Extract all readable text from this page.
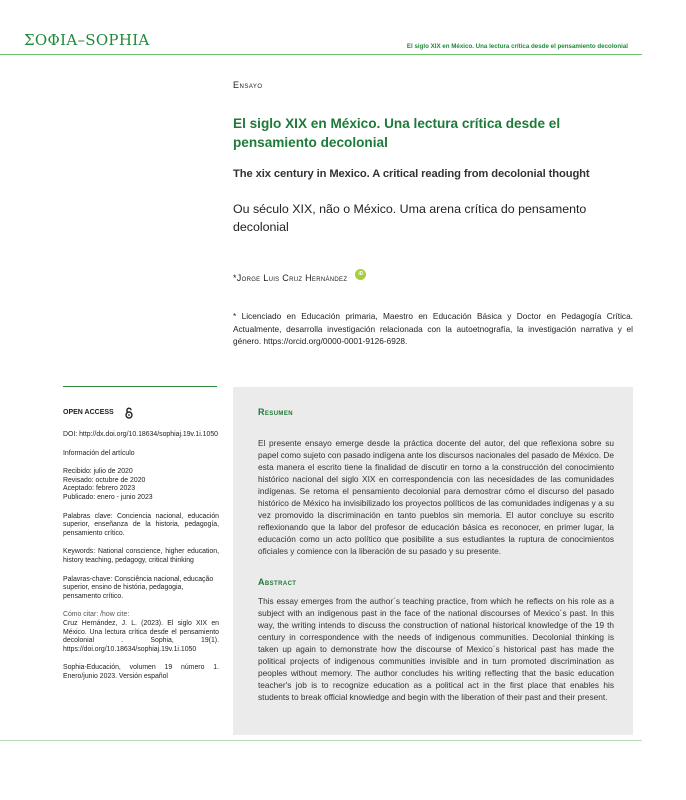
ΣΟΦΙΑ–SOPHIA	El siglo XIX en México. Una lectura crítica desde el pensamiento decolonial
Ensayo
El siglo XIX en México. Una lectura crítica desde el pensamiento decolonial
The xix century in Mexico. A critical reading from decolonial thought
Ou século XIX, não o México. Uma arena crítica do pensamento decolonial
*Jorge Luis Cruz Hernández	iD
* Licenciado en Educación primaria, Maestro en Educación Básica y Doctor en Pedagogía Crítica. Actualmente, desarrolla investigación relacionada con la autoetnografía, la investigación narrativa y el género. https://orcid.org/0000-0001-9126-6928.
OPEN ACCESS
DOI: http://dx.doi.org/10.18634/sophiaj.19v.1i.1050
Información del artículo
Recibido: julio de 2020
Revisado: octubre de 2020
Aceptado: febrero 2023
Publicado: enero - junio 2023
Palabras clave: Conciencia nacional, educación superior, enseñanza de la historia, pedagogía, pensamiento crítico.
Keywords: National conscience, higher education, history teaching, pedagogy, critical thinking
Palavras-chave: Consciência nacional, educação superior, ensino de história, pedagogia, pensamento crítico.
Cómo citar: /how cite:
Cruz Hernández, J. L. (2023). El siglo XIX en México. Una lectura crítica desde el pensamiento decolonial . Sophia, 19(1). https://doi.org/10.18634/sophiaj.19v.1i.1050
Sophia-Educación, volumen 19 número 1. Enero/junio 2023. Versión español
Resumen
El presente ensayo emerge desde la práctica docente del autor, del que reflexiona sobre su papel como sujeto con pasado indígena ante los discursos nacionales del pasado de México. De esta manera el escrito tiene la finalidad de discutir en torno a la construcción del conocimiento histórico nacional del siglo XIX en correspondencia con las necesidades de las comunidades indígenas. Se retoma el pensamiento decolonial para demostrar cómo el discurso del pasado histórico de México ha invisibilizado los proyectos políticos de las comunidades indígenas y a su vez promovido la discriminación en tanto pueblos sin memoria. El autor concluye su escrito reflexionando que la labor del profesor de educación básica es reconocer, en primer lugar, la educación como un acto político que posibilite a sus estudiantes la ruptura de conocimientos oficiales y comience con la liberación de su pasado y su presente.
Abstract
This essay emerges from the author´s teaching practice, from which he reflects on his role as a subject with an indigenous past in the face of the national discourses of Mexico´s past. In this way, the writing intends to discuss the construction of national historical knowledge of the 19 th century in correspondence with the needs of indigenous communities. Decolonial thinking is taken up again to demonstrate how the discourse of Mexico´s historical past has made the political projects of indigenous communities invisible and in turn promoted discrimination as peoples without memory. The author concludes his writing reflecting that the basic education teacher's job is to recognize education as a political act in the first place that enables his students to break official knowledge and begin with the liberation of their past and their present.
